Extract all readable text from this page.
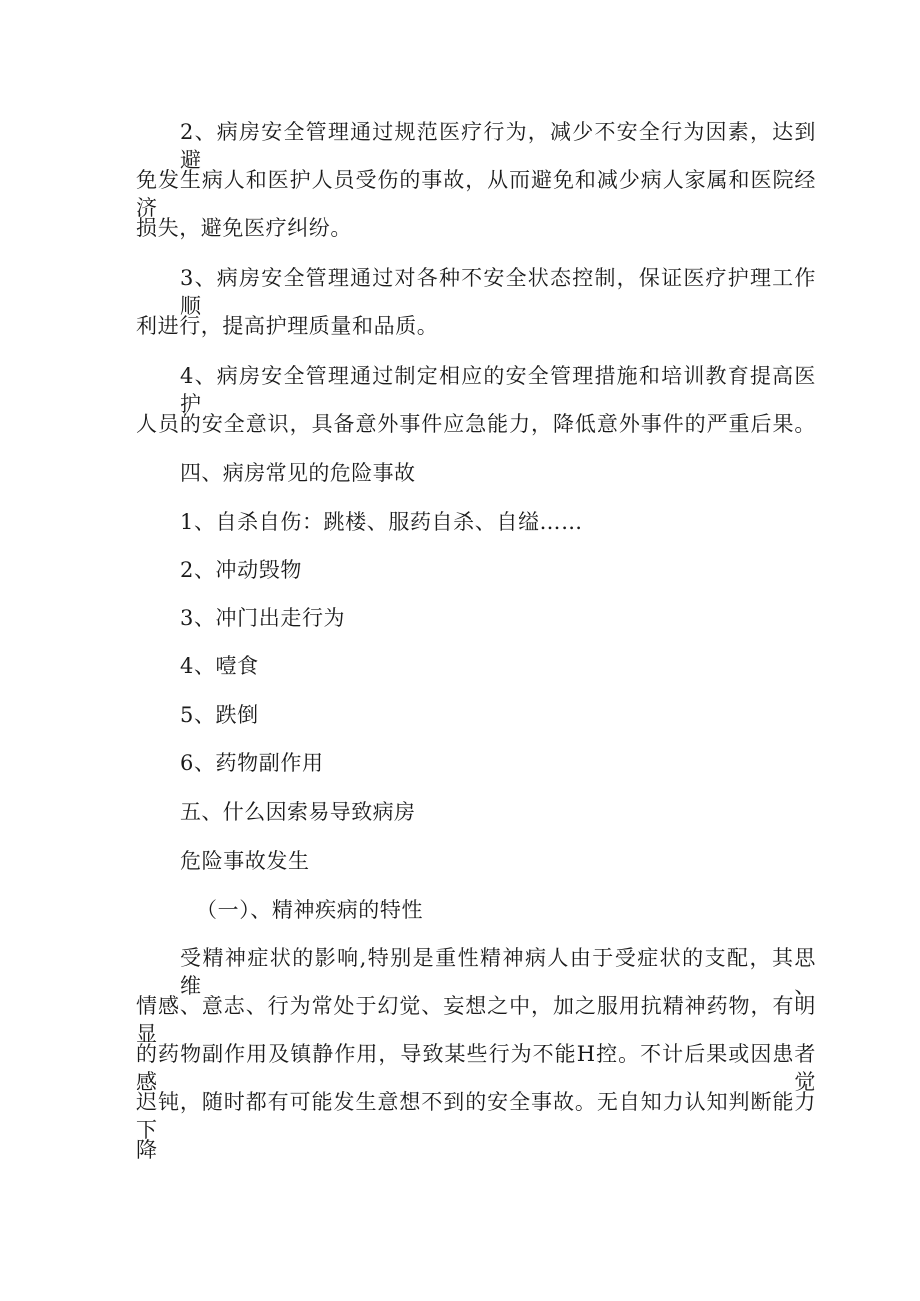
2、病房安全管理通过规范医疗行为，减少不安全行为因素，达到避
免发生病人和医护人员受伤的事故，从而避免和减少病人家属和医院经济
损失，避免医疗纠纷。
3、病房安全管理通过对各种不安全状态控制，保证医疗护理工作顺
利进行，提高护理质量和品质。
4、病房安全管理通过制定相应的安全管理措施和培训教育提高医护
人员的安全意识，具备意外事件应急能力，降低意外事件的严重后果。
四、病房常见的危险事故
1、自杀自伤：跳楼、服药自杀、自缢……
2、冲动毁物
3、冲门出走行为
4、噎食
5、跌倒
6、药物副作用
五、什么因索易导致病房
危险事故发生
（一）、精神疾病的特性
受精神症状的影响,特别是重性精神病人由于受症状的支配，其思维、
情感、意志、行为常处于幻觉、妄想之中，加之服用抗精神药物，有明显
的药物副作用及镇静作用，导致某些行为不能H控。不计后果或因患者感觉
迟钝，随时都有可能发生意想不到的安全事故。无自知力认知判断能力下
降
